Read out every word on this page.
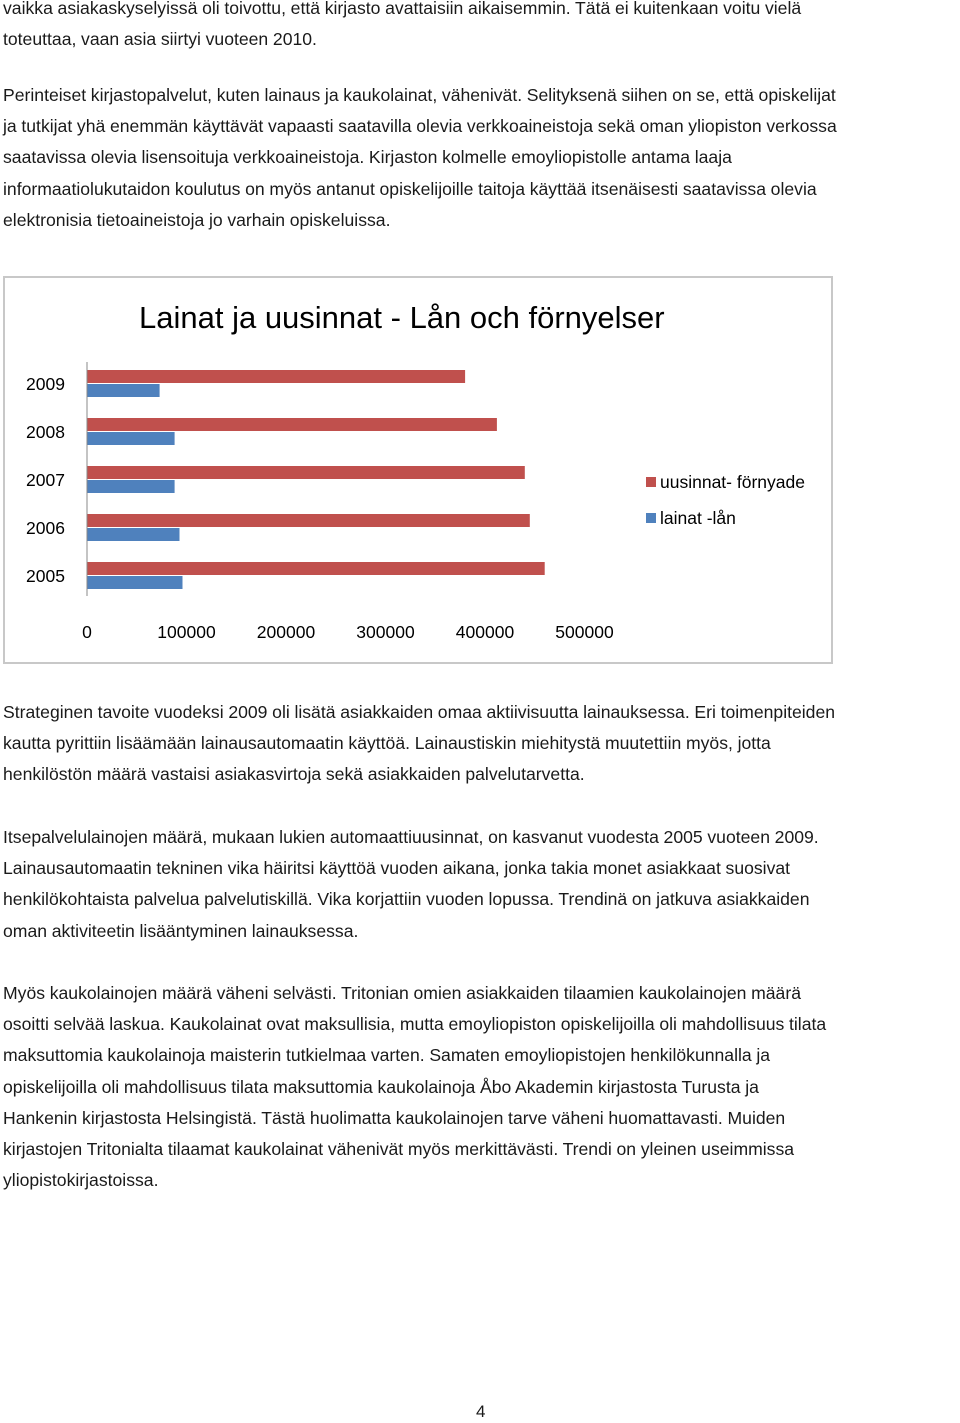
vaikka asiakaskyselyissä oli toivottu, että kirjasto avattaisiin aikaisemmin. Tätä ei kuitenkaan voitu vielä
toteuttaa, vaan asia siirtyi vuoteen 2010.

Perinteiset kirjastopalvelut, kuten lainaus ja kaukolainat, vähenivät. Selityksenä siihen on se, että opiskelijat
ja tutkijat yhä enemmän käyttävät vapaasti saatavilla olevia verkkoaineistoja sekä oman yliopiston verkossa
saatavissa olevia lisensoituja verkkoaineistoja. Kirjaston kolmelle emoyliopistolle antama laaja
informaatiolukutaidon koulutus on myös antanut opiskelijoille taitoja käyttää itsenäisesti saatavissa olevia
elektronisia tietoaineistoja jo varhain opiskeluissa.

Lainat ja uusinnat - Lån och förnyelser
2009
2008
2007
2006
2005
0	100000 200000 300000 400000 500000
uusinnat- förnyade
lainat -lån

Strateginen tavoite vuodeksi 2009 oli lisätä asiakkaiden omaa aktiivisuutta lainauksessa. Eri toimenpiteiden
kautta pyrittiin lisäämään lainausautomaatin käyttöä. Lainaustiskin miehitystä muutettiin myös, jotta
henkilöstön määrä vastaisi asiakasvirtoja sekä asiakkaiden palvelutarvetta.

Itsepalvelulainojen määrä, mukaan lukien automaattiuusinnat, on kasvanut vuodesta 2005 vuoteen 2009.
Lainausautomaatin tekninen vika häiritsi käyttöä vuoden aikana, jonka takia monet asiakkaat suosivat
henkilökohtaista palvelua palvelutiskillä. Vika korjattiin vuoden lopussa. Trendinä on jatkuva asiakkaiden
oman aktiviteetin lisääntyminen lainauksessa.

Myös kaukolainojen määrä väheni selvästi. Tritonian omien asiakkaiden tilaamien kaukolainojen määrä
osoitti selvää laskua. Kaukolainat ovat maksullisia, mutta emoyliopiston opiskelijoilla oli mahdollisuus tilata
maksuttomia kaukolainoja maisterin tutkielmaa varten. Samaten emoyliopistojen henkilökunnalla ja
opiskelijoilla oli mahdollisuus tilata maksuttomia kaukolainoja Åbo Akademin kirjastosta Turusta ja
Hankenin kirjastosta Helsingistä. Tästä huolimatta kaukolainojen tarve väheni huomattavasti. Muiden
kirjastojen Tritonialta tilaamat kaukolainat vähenivät myös merkittävästi. Trendi on yleinen useimmissa
yliopistokirjastoissa.

4
